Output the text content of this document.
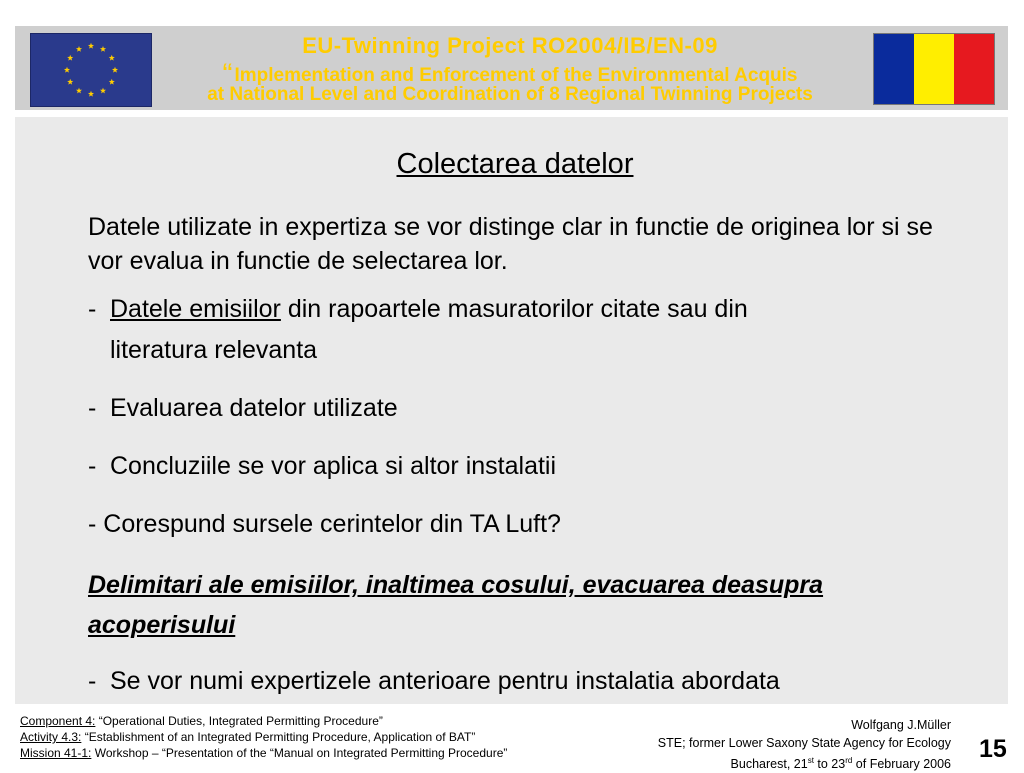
EU-Twinning Project RO2004/IB/EN-09
“ Implementation and Enforcement of the Environmental Acquis
at National Level and Coordination of 8 Regional Twinning Projects
Colectarea datelor
Datele utilizate in expertiza se vor distinge clar in functie de originea lor si se vor evalua in functie de selectarea lor.
- Datele emisiilor din rapoartele masuratorilor citate sau din
literatura relevanta
- Evaluarea datelor utilizate
- Concluziile se vor aplica si altor instalatii
- Corespund sursele cerintelor din TA Luft?
Delimitari ale emisiilor, inaltimea cosului, evacuarea deasupra acoperisului
- Se vor numi expertizele anterioare pentru instalatia abordata
Component 4: “Operational Duties, Integrated Permitting Procedure”
Activity 4.3: “Establishment of an Integrated Permitting Procedure, Application of BAT”
Mission 41-1: Workshop – “Presentation of the “Manual on Integrated Permitting Procedure”
Wolfgang J.Müller
STE; former Lower Saxony State Agency for Ecology
Bucharest, 21st to 23rd of February 2006
15
